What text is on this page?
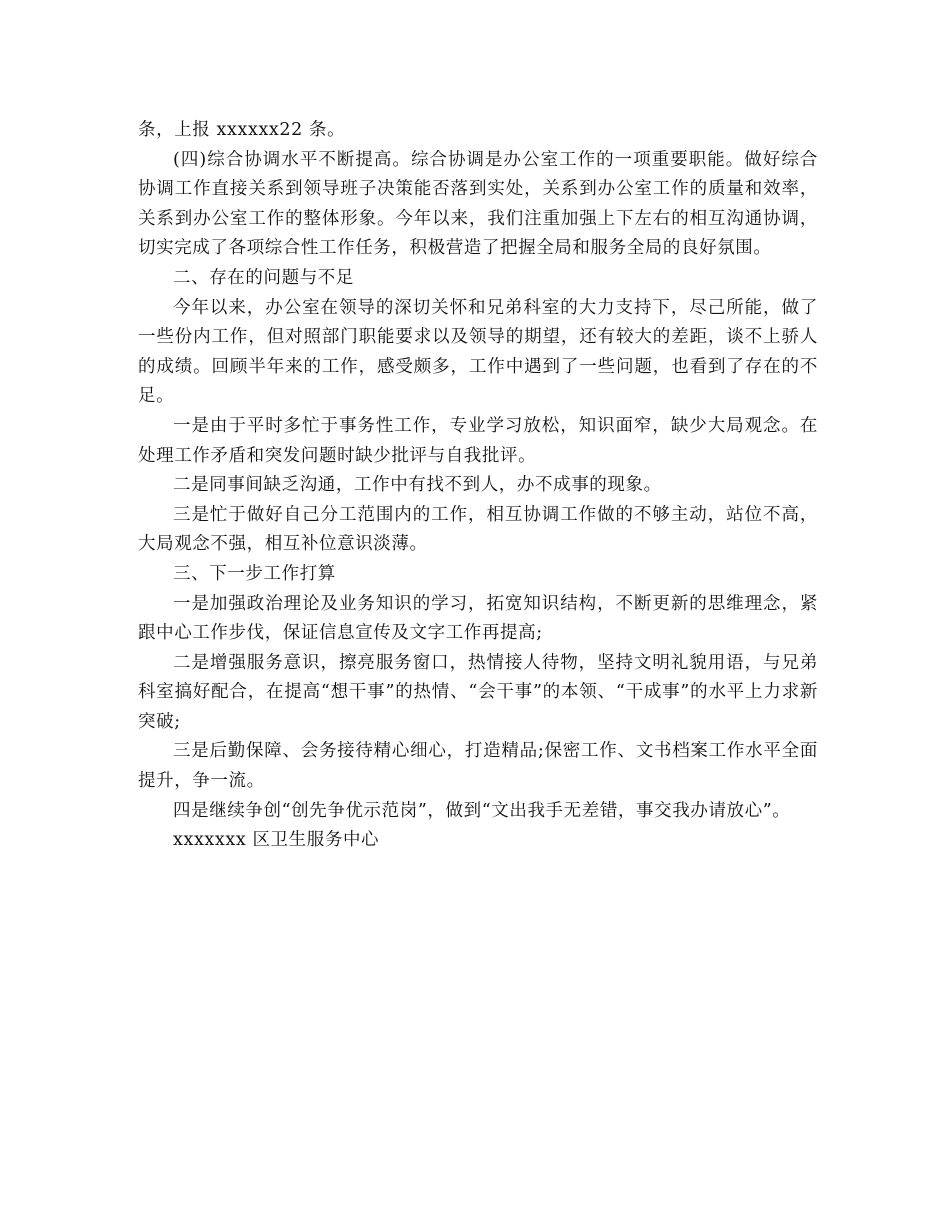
条，上报 xxxxxx22 条。

(四)综合协调水平不断提高。综合协调是办公室工作的一项重要职能。做好综合协调工作直接关系到领导班子决策能否落到实处，关系到办公室工作的质量和效率，关系到办公室工作的整体形象。今年以来，我们注重加强上下左右的相互沟通协调，切实完成了各项综合性工作任务，积极营造了把握全局和服务全局的良好氛围。

二、存在的问题与不足

今年以来，办公室在领导的深切关怀和兄弟科室的大力支持下，尽己所能，做了一些份内工作，但对照部门职能要求以及领导的期望，还有较大的差距，谈不上骄人的成绩。回顾半年来的工作，感受颇多，工作中遇到了一些问题，也看到了存在的不足。

一是由于平时多忙于事务性工作，专业学习放松，知识面窄，缺少大局观念。在处理工作矛盾和突发问题时缺少批评与自我批评。

二是同事间缺乏沟通，工作中有找不到人，办不成事的现象。

三是忙于做好自己分工范围内的工作，相互协调工作做的不够主动，站位不高，大局观念不强，相互补位意识淡薄。

三、下一步工作打算

一是加强政治理论及业务知识的学习，拓宽知识结构，不断更新的思维理念，紧跟中心工作步伐，保证信息宣传及文字工作再提高;

二是增强服务意识，擦亮服务窗口，热情接人待物，坚持文明礼貌用语，与兄弟科室搞好配合，在提高“想干事”的热情、“会干事”的本领、“干成事”的水平上力求新突破;

三是后勤保障、会务接待精心细心，打造精品;保密工作、文书档案工作水平全面提升，争一流。

四是继续争创“创先争优示范岗”，做到“文出我手无差错，事交我办请放心”。

xxxxxxx 区卫生服务中心
